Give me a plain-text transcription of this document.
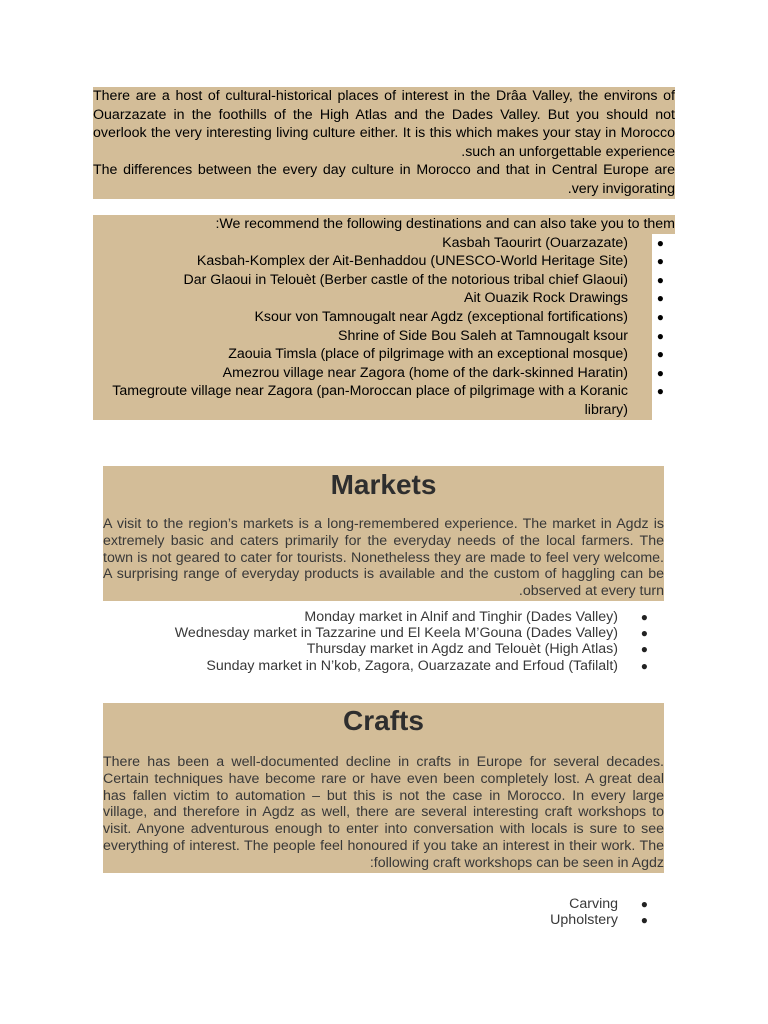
There are a host of cultural-historical places of interest in the Drâa Valley, the environs of Ouarzazate in the foothills of the High Atlas and the Dades Valley. But you should not overlook the very interesting living culture either. It is this which makes your stay in Morocco such an unforgettable experience.

The differences between the every day culture in Morocco and that in Central Europe are very invigorating.

We recommend the following destinations and can also take you to them:
●
Kasbah Taourirt (Ouarzazate)
●
Kasbah-Komplex der Ait-Benhaddou (UNESCO-World Heritage Site)
●
Dar Glaoui in Telouèt (Berber castle of the notorious tribal chief Glaoui)
●
Ait Ouazik Rock Drawings
●
Ksour von Tamnougalt near Agdz (exceptional fortifications)
●
Shrine of Side Bou Saleh at Tamnougalt ksour
●
Zaouia Timsla (place of pilgrimage with an exceptional mosque)
●
Amezrou village near Zagora (home of the dark-skinned Haratin)
●
Tamegroute village near Zagora (pan-Moroccan place of pilgrimage with a Koranic library)
Markets

A visit to the region’s markets is a long-remembered experience. The market in Agdz is extremely basic and caters primarily for the everyday needs of the local farmers. The town is not geared to cater for tourists. Nonetheless they are made to feel very welcome. A surprising range of everyday products is available and the custom of haggling can be observed at every turn.

●
Monday market in Alnif and Tinghir (Dades Valley)
●
Wednesday market in Tazzarine und El Keela M’Gouna (Dades Valley)
●
Thursday market in Agdz and Telouèt (High Atlas)
●
Sunday market in N’kob, Zagora, Ouarzazate and Erfoud (Tafilalt)
Crafts

There has been a well-documented decline in crafts in Europe for several decades. Certain techniques have become rare or have even been completely lost. A great deal has fallen victim to automation – but this is not the case in Morocco. In every large village, and therefore in Agdz as well, there are several interesting craft workshops to visit. Anyone adventurous enough to enter into conversation with locals is sure to see everything of interest. The people feel honoured if you take an interest in their work. The following craft workshops can be seen in Agdz:

●
Carving
●
Upholstery
